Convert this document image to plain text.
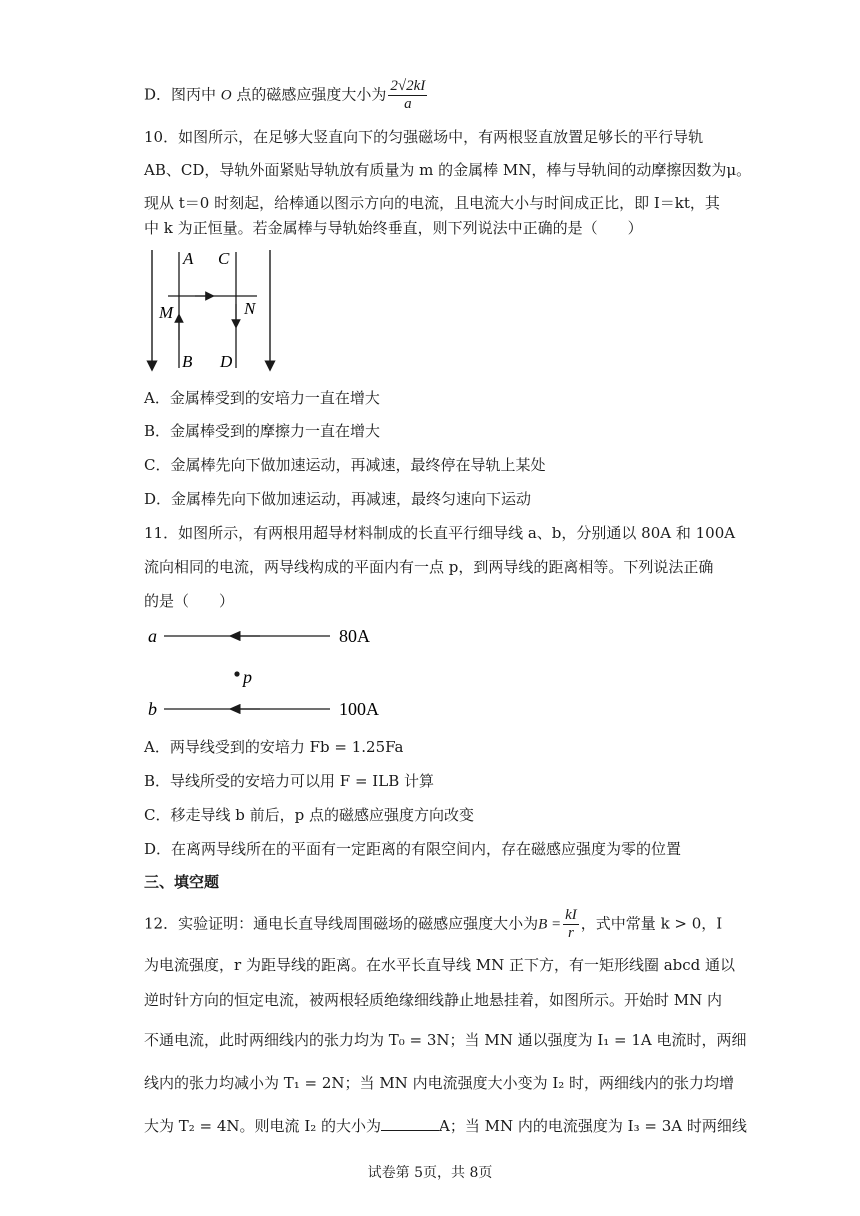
D．图丙中 O 点的磁感应强度大小为 $\frac{2√2kI}{a}$
10．如图所示，在足够大竖直向下的匀强磁场中，有两根竖直放置足够长的平行导轨
AB、CD，导轨外面紧贴导轨放有质量为 m 的金属棒 MN，棒与导轨间的动摩擦因数为μ。
现从 t＝0 时刻起，给棒通以图示方向的电流，且电流大小与时间成正比，即 I＝kt，其
中 k 为正恒量。若金属棒与导轨始终垂直，则下列说法中正确的是（　　）
A C
M	N
B D
A．金属棒受到的安培力一直在增大
B．金属棒受到的摩擦力一直在增大
C．金属棒先向下做加速运动，再减速，最终停在导轨上某处
D．金属棒先向下做加速运动，再减速，最终匀速向下运动
11．如图所示，有两根用超导材料制成的长直平行细导线 a、b，分别通以 80A 和 100A
流向相同的电流，两导线构成的平面内有一点 p，到两导线的距离相等。下列说法正确
的是（　　）
a	80A
p
b	100A
A．两导线受到的安培力 Fb = 1.25Fa
B．导线所受的安培力可以用 F = ILB 计算
C．移走导线 b 前后，p 点的磁感应强度方向改变
D．在离两导线所在的平面有一定距离的有限空间内，存在磁感应强度为零的位置
三、填空题
12．实验证明：通电长直导线周围磁场的磁感应强度大小为$B = \frac{kI}{r}$ ，式中常量 k > 0，I
为电流强度，r 为距导线的距离。在水平长直导线 MN 正下方，有一矩形线圈 abcd 通以
逆时针方向的恒定电流，被两根轻质绝缘细线静止地悬挂着，如图所示。开始时 MN 内
不通电流，此时两细线内的张力均为 T₀ = 3N；当 MN 通以强度为 I₁ = 1A 电流时，两细
线内的张力均减小为 T₁ = 2N；当 MN 内电流强度大小变为 I₂ 时，两细线内的张力均增
大为 T₂ = 4N。则电流 I₂ 的大小为	A；当 MN 内的电流强度为 I₃ = 3A 时两细线
试卷第 5页，共 8页
